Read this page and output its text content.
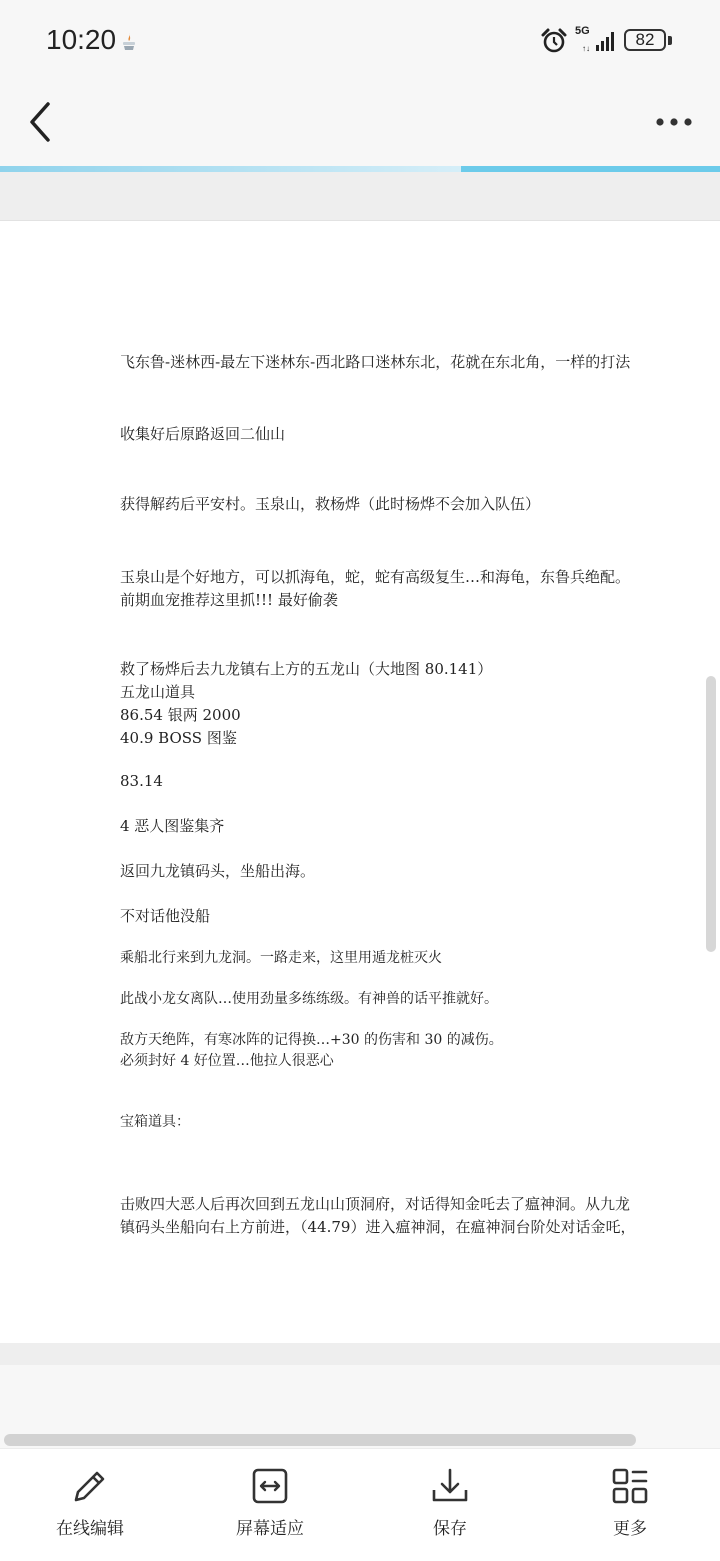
10:20	5G
↑↓	82
飞东鲁-迷林西-最左下迷林东-西北路口迷林东北，花就在东北角，一样的打法
收集好后原路返回二仙山
获得解药后平安村。玉泉山，救杨烨（此时杨烨不会加入队伍）
玉泉山是个好地方，可以抓海龟，蛇，蛇有高级复生…和海龟，东鲁兵绝配。
前期血宠推荐这里抓!!! 最好偷袭
救了杨烨后去九龙镇右上方的五龙山（大地图 80.141）
五龙山道具
86.54 银两 2000
40.9 BOSS 图鉴
83.14
4 恶人图鉴集齐
返回九龙镇码头，坐船出海。
不对话他没船
乘船北行来到九龙洞。一路走来，这里用遁龙桩灭火
此战小龙女离队…使用劲量多练练级。有神兽的话平推就好。
敌方天绝阵，有寒冰阵的记得换…+30 的伤害和 30 的减伤。
必须封好 4 好位置…他拉人很恶心
宝箱道具：
击败四大恶人后再次回到五龙山山顶洞府，对话得知金吒去了瘟神洞。从九龙
镇码头坐船向右上方前进，（44.79）进入瘟神洞，在瘟神洞台阶处对话金吒，
在线编辑	屏幕适应	保存	更多
